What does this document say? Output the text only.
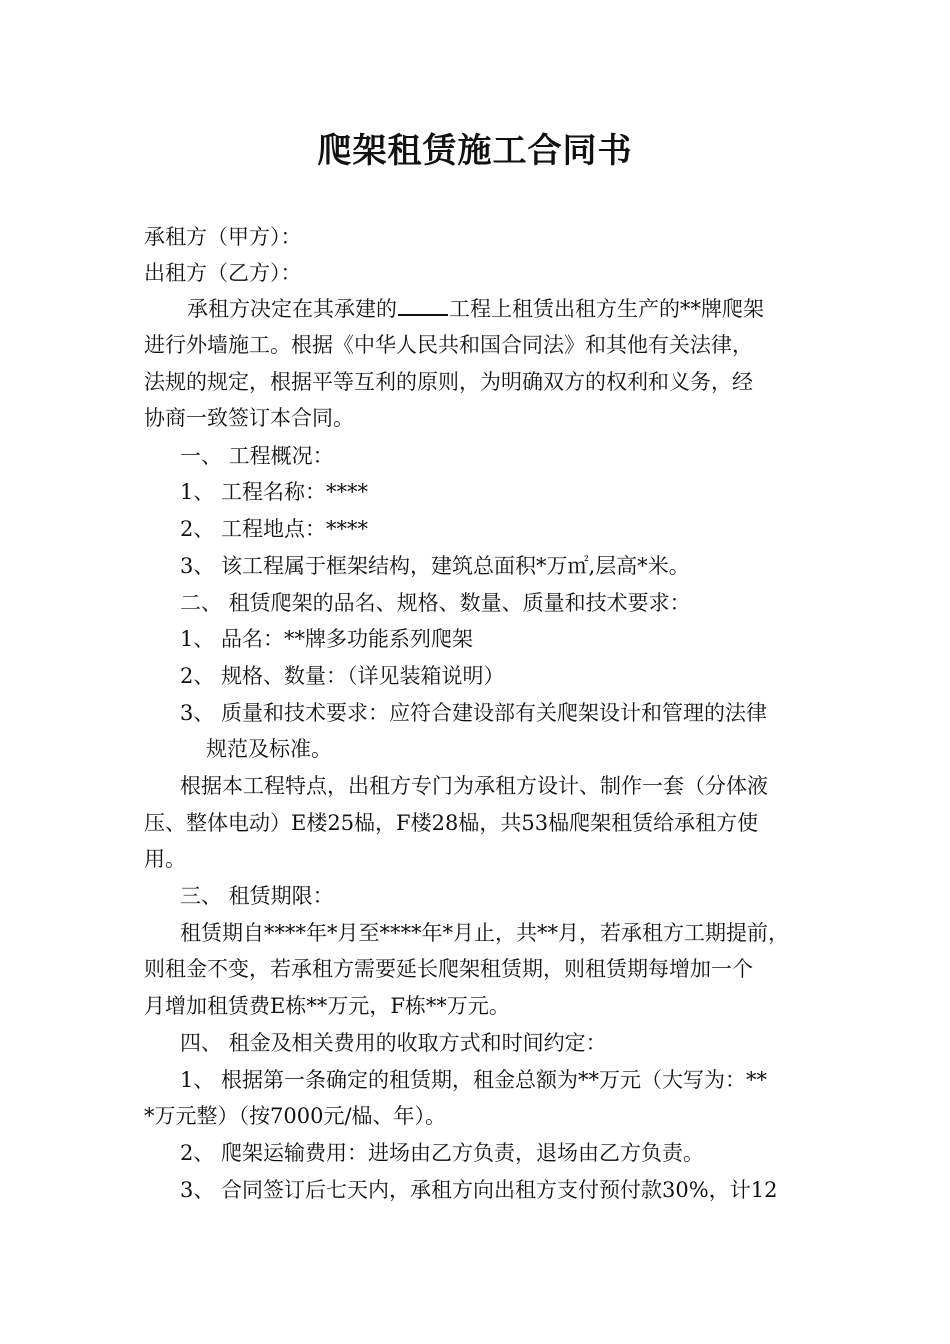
爬架租赁施工合同书

承租方（甲方）：

出租方（乙方）：

承租方决定在其承建的 工程上租赁出租方生产的**牌爬架

进行外墙施工。根据《中华人民共和国合同法》和其他有关法律，

法规的规定，根据平等互利的原则，为明确双方的权利和义务，经

协商一致签订本合同。

一、 工程概况：

1、 工程名称：****

2、 工程地点：****

3、 该工程属于框架结构，建筑总面积*万㎡,层高*米。

二、 租赁爬架的品名、规格、数量、质量和技术要求：

1、 品名：**牌多功能系列爬架

2、 规格、数量：（详见装箱说明）

3、 质量和技术要求：应符合建设部有关爬架设计和管理的法律

规范及标准。

根据本工程特点，出租方专门为承租方设计、制作一套（分体液

压、整体电动）E楼25榀，F楼28榀，共53榀爬架租赁给承租方使

用。

三、 租赁期限：

租赁期自****年*月至****年*月止，共**月，若承租方工期提前，

则租金不变，若承租方需要延长爬架租赁期，则租赁期每增加一个

月增加租赁费E栋**万元，F栋**万元。

四、 租金及相关费用的收取方式和时间约定：

1、 根据第一条确定的租赁期，租金总额为**万元（大写为：**

*万元整）（按7000元/榀、年）。

2、 爬架运输费用：进场由乙方负责，退场由乙方负责。

3、 合同签订后七天内，承租方向出租方支付预付款30%，计12
